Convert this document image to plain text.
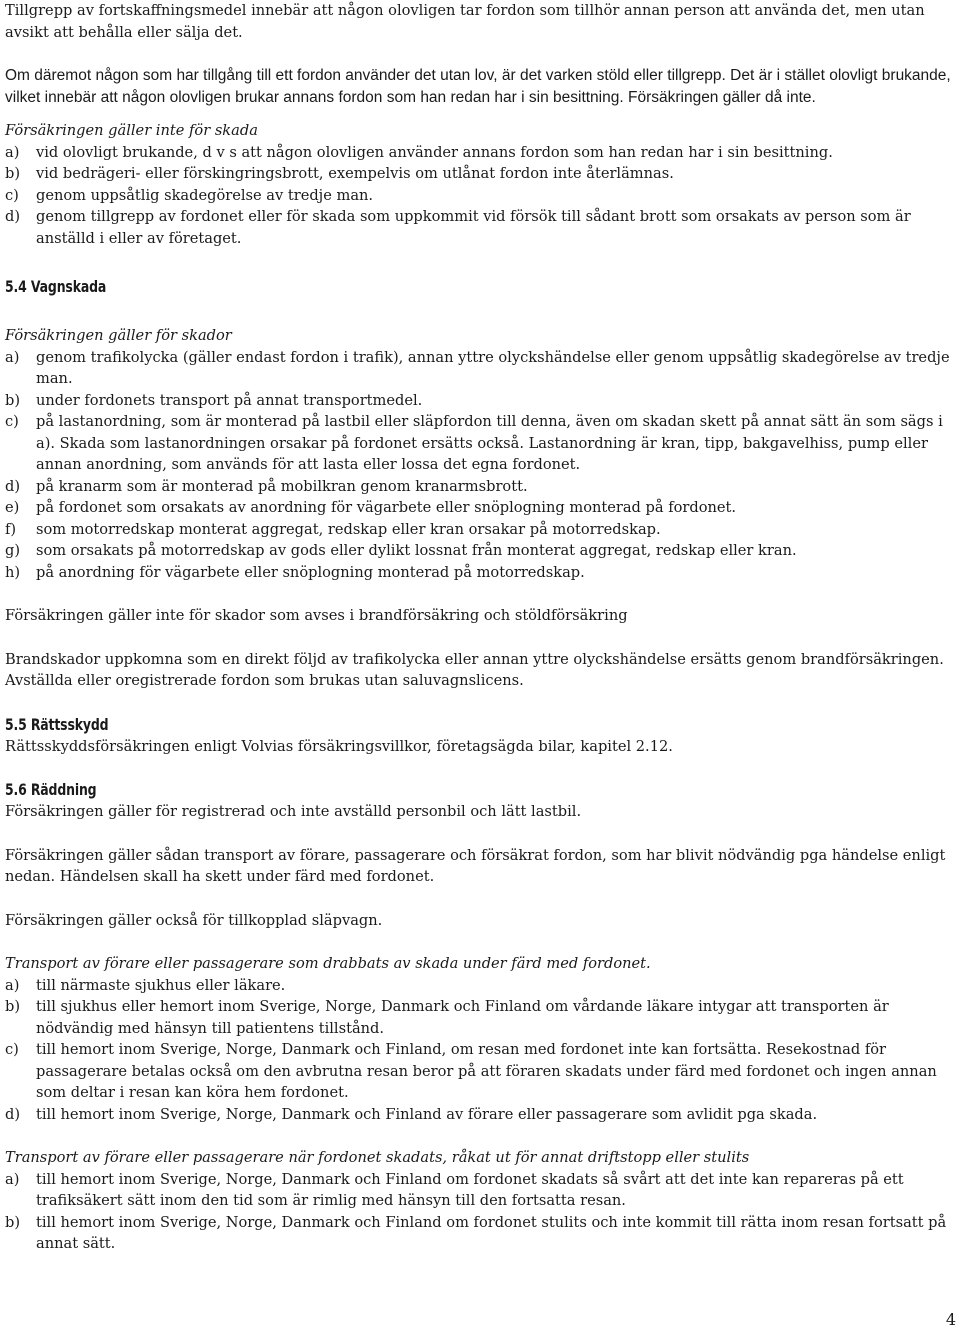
Tillgrepp av fortskaffningsmedel innebär att någon olovligen tar fordon som tillhör annan person att använda det, men utan avsikt att behålla eller sälja det.

Om däremot någon som har tillgång till ett fordon använder det utan lov, är det varken stöld eller tillgrepp. Det är i stället olovligt brukande, vilket innebär att någon olovligen brukar annans fordon som han redan har i sin besittning. Försäkringen gäller då inte.

Försäkringen gäller inte för skada

a)	vid olovligt brukande, d v s att någon olovligen använder annans fordon som han redan har i sin besittning.
b)	vid bedrägeri- eller förskingringsbrott, exempelvis om utlånat fordon inte återlämnas.
c)	genom uppsåtlig skadegörelse av tredje man.
d)	genom tillgrepp av fordonet eller för skada som uppkommit vid försök till sådant brott som orsakats av person som är anställd i eller av företaget.

5.4 Vagnskada

Försäkringen gäller för skador

a)	genom trafikolycka (gäller endast fordon i trafik), annan yttre olyckshändelse eller genom uppsåtlig skadegörelse av tredje man.
b)	under fordonets transport på annat transportmedel.
c)	på lastanordning, som är monterad på lastbil eller släpfordon till denna, även om skadan skett på annat sätt än som sägs i a). Skada som lastanordningen orsakar på fordonet ersätts också. Lastanordning är kran, tipp, bakgavelhiss, pump eller annan anordning, som används för att lasta eller lossa det egna fordonet.
d)	på kranarm som är monterad på mobilkran genom kranarmsbrott.
e)	på fordonet som orsakats av anordning för vägarbete eller snöplogning monterad på fordonet.
f)	som motorredskap monterat aggregat, redskap eller kran orsakar på motorredskap.
g)	som orsakats på motorredskap av gods eller dylikt lossnat från monterat aggregat, redskap eller kran.
h)	på anordning för vägarbete eller snöplogning monterad på motorredskap.

Försäkringen gäller inte för skador som avses i brandförsäkring och stöldförsäkring

Brandskador uppkomna som en direkt följd av trafikolycka eller annan yttre olyckshändelse ersätts genom brandförsäkringen. Avställda eller oregistrerade fordon som brukas utan saluvagnslicens.

5.5 Rättsskydd

Rättsskyddsförsäkringen enligt Volvias försäkringsvillkor, företagsägda bilar, kapitel 2.12.

5.6 Räddning

Försäkringen gäller för registrerad och inte avställd personbil och lätt lastbil.

Försäkringen gäller sådan transport av förare, passagerare och försäkrat fordon, som har blivit nödvändig pga händelse enligt nedan. Händelsen skall ha skett under färd med fordonet.

Försäkringen gäller också för tillkopplad släpvagn.

Transport av förare eller passagerare som drabbats av skada under färd med fordonet.

a)	till närmaste sjukhus eller läkare.
b)	till sjukhus eller hemort inom Sverige, Norge, Danmark och Finland om vårdande läkare intygar att transporten är nödvändig med hänsyn till patientens tillstånd.
c)	till hemort inom Sverige, Norge, Danmark och Finland, om resan med fordonet inte kan fortsätta. Resekostnad för passagerare betalas också om den avbrutna resan beror på att föraren skadats under färd med fordonet och ingen annan som deltar i resan kan köra hem fordonet.
d)	till hemort inom Sverige, Norge, Danmark och Finland av förare eller passagerare som avlidit pga skada.

Transport av förare eller passagerare när fordonet skadats, råkat ut för annat driftstopp eller stulits

a)	till hemort inom Sverige, Norge, Danmark och Finland om fordonet skadats så svårt att det inte kan repareras på ett trafiksäkert sätt inom den tid som är rimlig med hänsyn till den fortsatta resan.
b)	till hemort inom Sverige, Norge, Danmark och Finland om fordonet stulits och inte kommit till rätta inom resan fortsatt på annat sätt.
4
